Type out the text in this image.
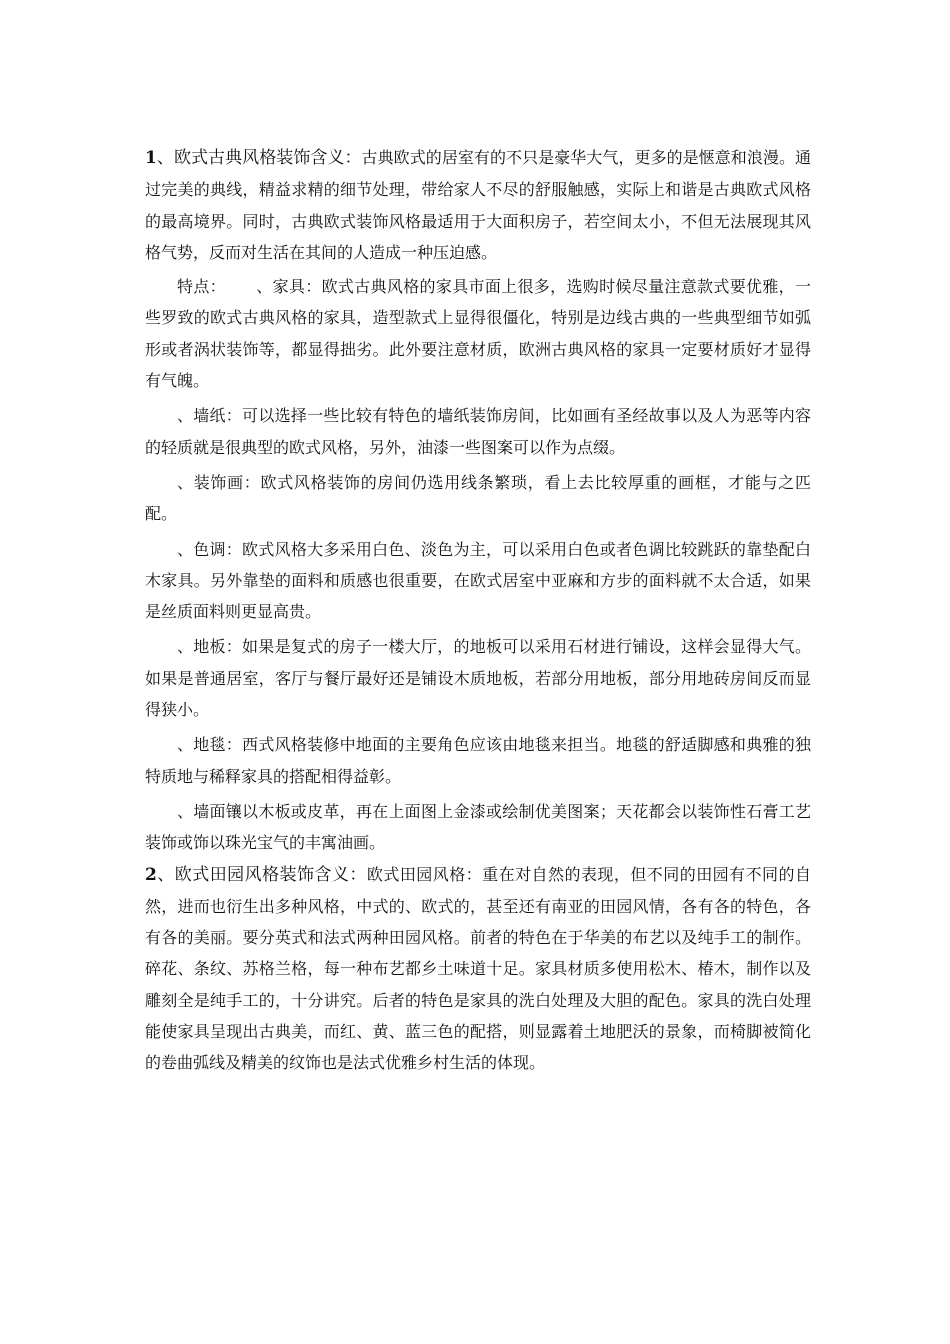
1、欧式古典风格装饰含义：古典欧式的居室有的不只是豪华大气，更多的是惬意和浪漫。通过完美的典线，精益求精的细节处理，带给家人不尽的舒服触感，实际上和谐是古典欧式风格的最高境界。同时，古典欧式装饰风格最适用于大面积房子，若空间太小，不但无法展现其风格气势，反而对生活在其间的人造成一种压迫感。

特点： 、家具：欧式古典风格的家具市面上很多，选购时候尽量注意款式要优雅，一些罗致的欧式古典风格的家具，造型款式上显得很僵化，特别是边线古典的一些典型细节如弧形或者涡状装饰等，都显得拙劣。此外要注意材质，欧洲古典风格的家具一定要材质好才显得有气魄。

、墙纸：可以选择一些比较有特色的墙纸装饰房间，比如画有圣经故事以及人为恶等内容的轻质就是很典型的欧式风格，另外，油漆一些图案可以作为点缀。

、装饰画：欧式风格装饰的房间仍选用线条繁琐，看上去比较厚重的画框，才能与之匹配。

、色调：欧式风格大多采用白色、淡色为主，可以采用白色或者色调比较跳跃的靠垫配白木家具。另外靠垫的面料和质感也很重要，在欧式居室中亚麻和方步的面料就不太合适，如果是丝质面料则更显高贵。

、地板：如果是复式的房子一楼大厅，的地板可以采用石材进行铺设，这样会显得大气。如果是普通居室，客厅与餐厅最好还是铺设木质地板，若部分用地板，部分用地砖房间反而显得狭小。

、地毯：西式风格装修中地面的主要角色应该由地毯来担当。地毯的舒适脚感和典雅的独特质地与稀释家具的搭配相得益彰。

、墙面镶以木板或皮革，再在上面图上金漆或绘制优美图案；天花都会以装饰性石膏工艺装饰或饰以珠光宝气的丰寓油画。

2、欧式田园风格装饰含义：欧式田园风格：重在对自然的表现，但不同的田园有不同的自然，进而也衍生出多种风格，中式的、欧式的，甚至还有南亚的田园风情，各有各的特色，各有各的美丽。要分英式和法式两种田园风格。前者的特色在于华美的布艺以及纯手工的制作。碎花、条纹、苏格兰格，每一种布艺都乡土味道十足。家具材质多使用松木、椿木，制作以及雕刻全是纯手工的，十分讲究。后者的特色是家具的洗白处理及大胆的配色。家具的洗白处理能使家具呈现出古典美，而红、黄、蓝三色的配搭，则显露着土地肥沃的景象，而椅脚被简化的卷曲弧线及精美的纹饰也是法式优雅乡村生活的体现。
